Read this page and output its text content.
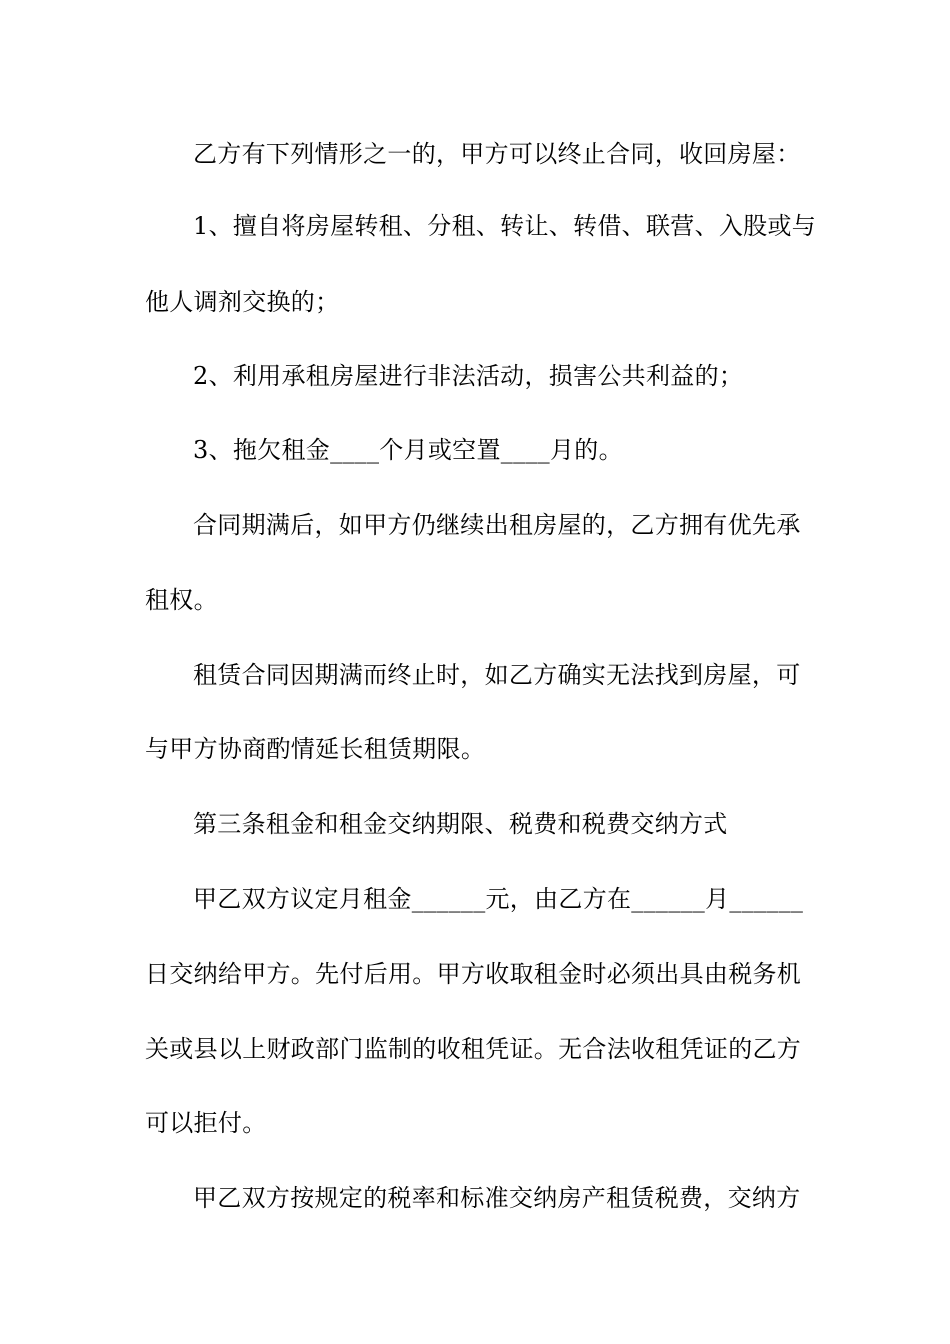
乙方有下列情形之一的，甲方可以终止合同，收回房屋：
1、擅自将房屋转租、分租、转让、转借、联营、入股或与
他人调剂交换的；
2、利用承租房屋进行非法活动，损害公共利益的；
3、拖欠租金____个月或空置____月的。
合同期满后，如甲方仍继续出租房屋的，乙方拥有优先承
租权。
租赁合同因期满而终止时，如乙方确实无法找到房屋，可
与甲方协商酌情延长租赁期限。
第三条租金和租金交纳期限、税费和税费交纳方式
甲乙双方议定月租金______元，由乙方在______月______
日交纳给甲方。先付后用。甲方收取租金时必须出具由税务机
关或县以上财政部门监制的收租凭证。无合法收租凭证的乙方
可以拒付。
甲乙双方按规定的税率和标准交纳房产租赁税费，交纳方
